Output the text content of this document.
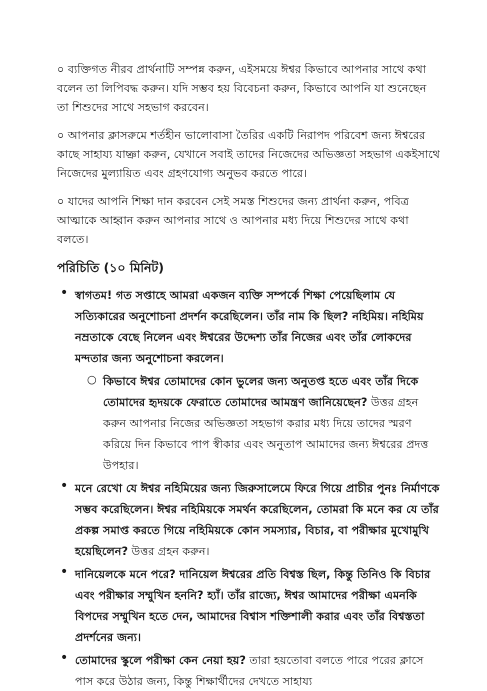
০ ব্যক্তিগত নীরব প্রার্থনাটি সম্পন্ন করুন, এইসময়ে ঈশ্বর কিভাবে আপনার সাথে কথা বলেন তা লিপিবদ্ধ করুন। যদি সম্ভব হয় বিবেচনা করুন, কিভাবে আপনি যা শুনেছেন তা শিশুদের সাথে সহভাগ করবেন।

০ আপনার ক্লাসরুমে শর্তহীন ভালোবাসা তৈরির একটি নিরাপদ পরিবেশ জন্য ঈশ্বরের কাছে সাহায্য যাচ্ঞা করুন, যেখানে সবাই তাদের নিজেদের অভিজ্ঞতা সহভাগ একইসাথে নিজেদের মুল্যায়িত এবং গ্রহণযোগ্য অনুভব করতে পারে।

০ যাদের আপনি শিক্ষা দান করবেন সেই সমস্ত শিশুদের জন্য প্রার্থনা করুন, পবিত্র আত্মাকে আহ্বান করুন আপনার সাথে ও আপনার মধ্য দিয়ে শিশুদের সাথে কথা বলতে।

পরিচিতি (১০ মিনিট)
• স্বাগতম! গত সপ্তাহে আমরা একজন ব্যক্তি সম্পর্কে শিক্ষা পেয়েছিলাম যে সত্যিকারের অনুশোচনা প্রদর্শন করেছিলেন। তাঁর নাম কি ছিল? নহিমিয়। নহিমিয় নম্রতাকে বেছে নিলেন এবং ঈশ্বরের উদ্দেশ্য তাঁর নিজের এবং তাঁর লোকদের মন্দতার জন্য অনুশোচনা করলেন।
○ কিভাবে ঈশ্বর তোমাদের কোন ভুলের জন্য অনুতপ্ত হতে এবং তাঁর দিকে তোমাদের হৃদয়কে ফেরাতে তোমাদের আমন্ত্রণ জানিয়েছেন? উত্তর গ্রহন করুন আপনার নিজের অভিজ্ঞতা সহভাগ করার মধ্য দিয়ে তাদের স্মরণ করিয়ে দিন কিভাবে পাপ স্বীকার এবং অনুতাপ আমাদের জন্য ঈশ্বরের প্রদত্ত উপহার।
• মনে রেখো যে ঈশ্বর নহিমিয়ের জন্য জিরুসালেমে ফিরে গিয়ে প্রাচীর পুনঃ নির্মাণকে সম্ভব করেছিলেন। ঈশ্বর নহিমিয়কে সমর্থন করেছিলেন, তোমরা কি মনে কর যে তাঁর প্রকল্প সমাপ্ত করতে গিয়ে নহিমিয়কে কোন সমস্যার, বিচার, বা পরীক্ষার মুখোমুখি হয়েছিলেন? উত্তর গ্রহন করুন।
• দানিয়েলকে মনে পরে? দানিয়েল ঈশ্বরের প্রতি বিশ্বস্ত ছিল, কিন্তু তিনিও কি বিচার এবং পরীক্ষার সম্মুখিন হননি? হ্যাঁ। তাঁর রাজ্যে, ঈশ্বর আমাদের পরীক্ষা এমনকি বিপদের সম্মুখিন হতে দেন, আমাদের বিশ্বাস শক্তিশালী করার এবং তাঁর বিশ্বস্ততা প্রদর্শনের জন্য।
• তোমাদের স্কুলে পরীক্ষা কেন নেয়া হয়? তারা হয়তোবা বলতে পারে পরের ক্লাসে পাস করে উঠার জন্য, কিন্তু শিক্ষার্থীদের দেখতে সাহায্য
